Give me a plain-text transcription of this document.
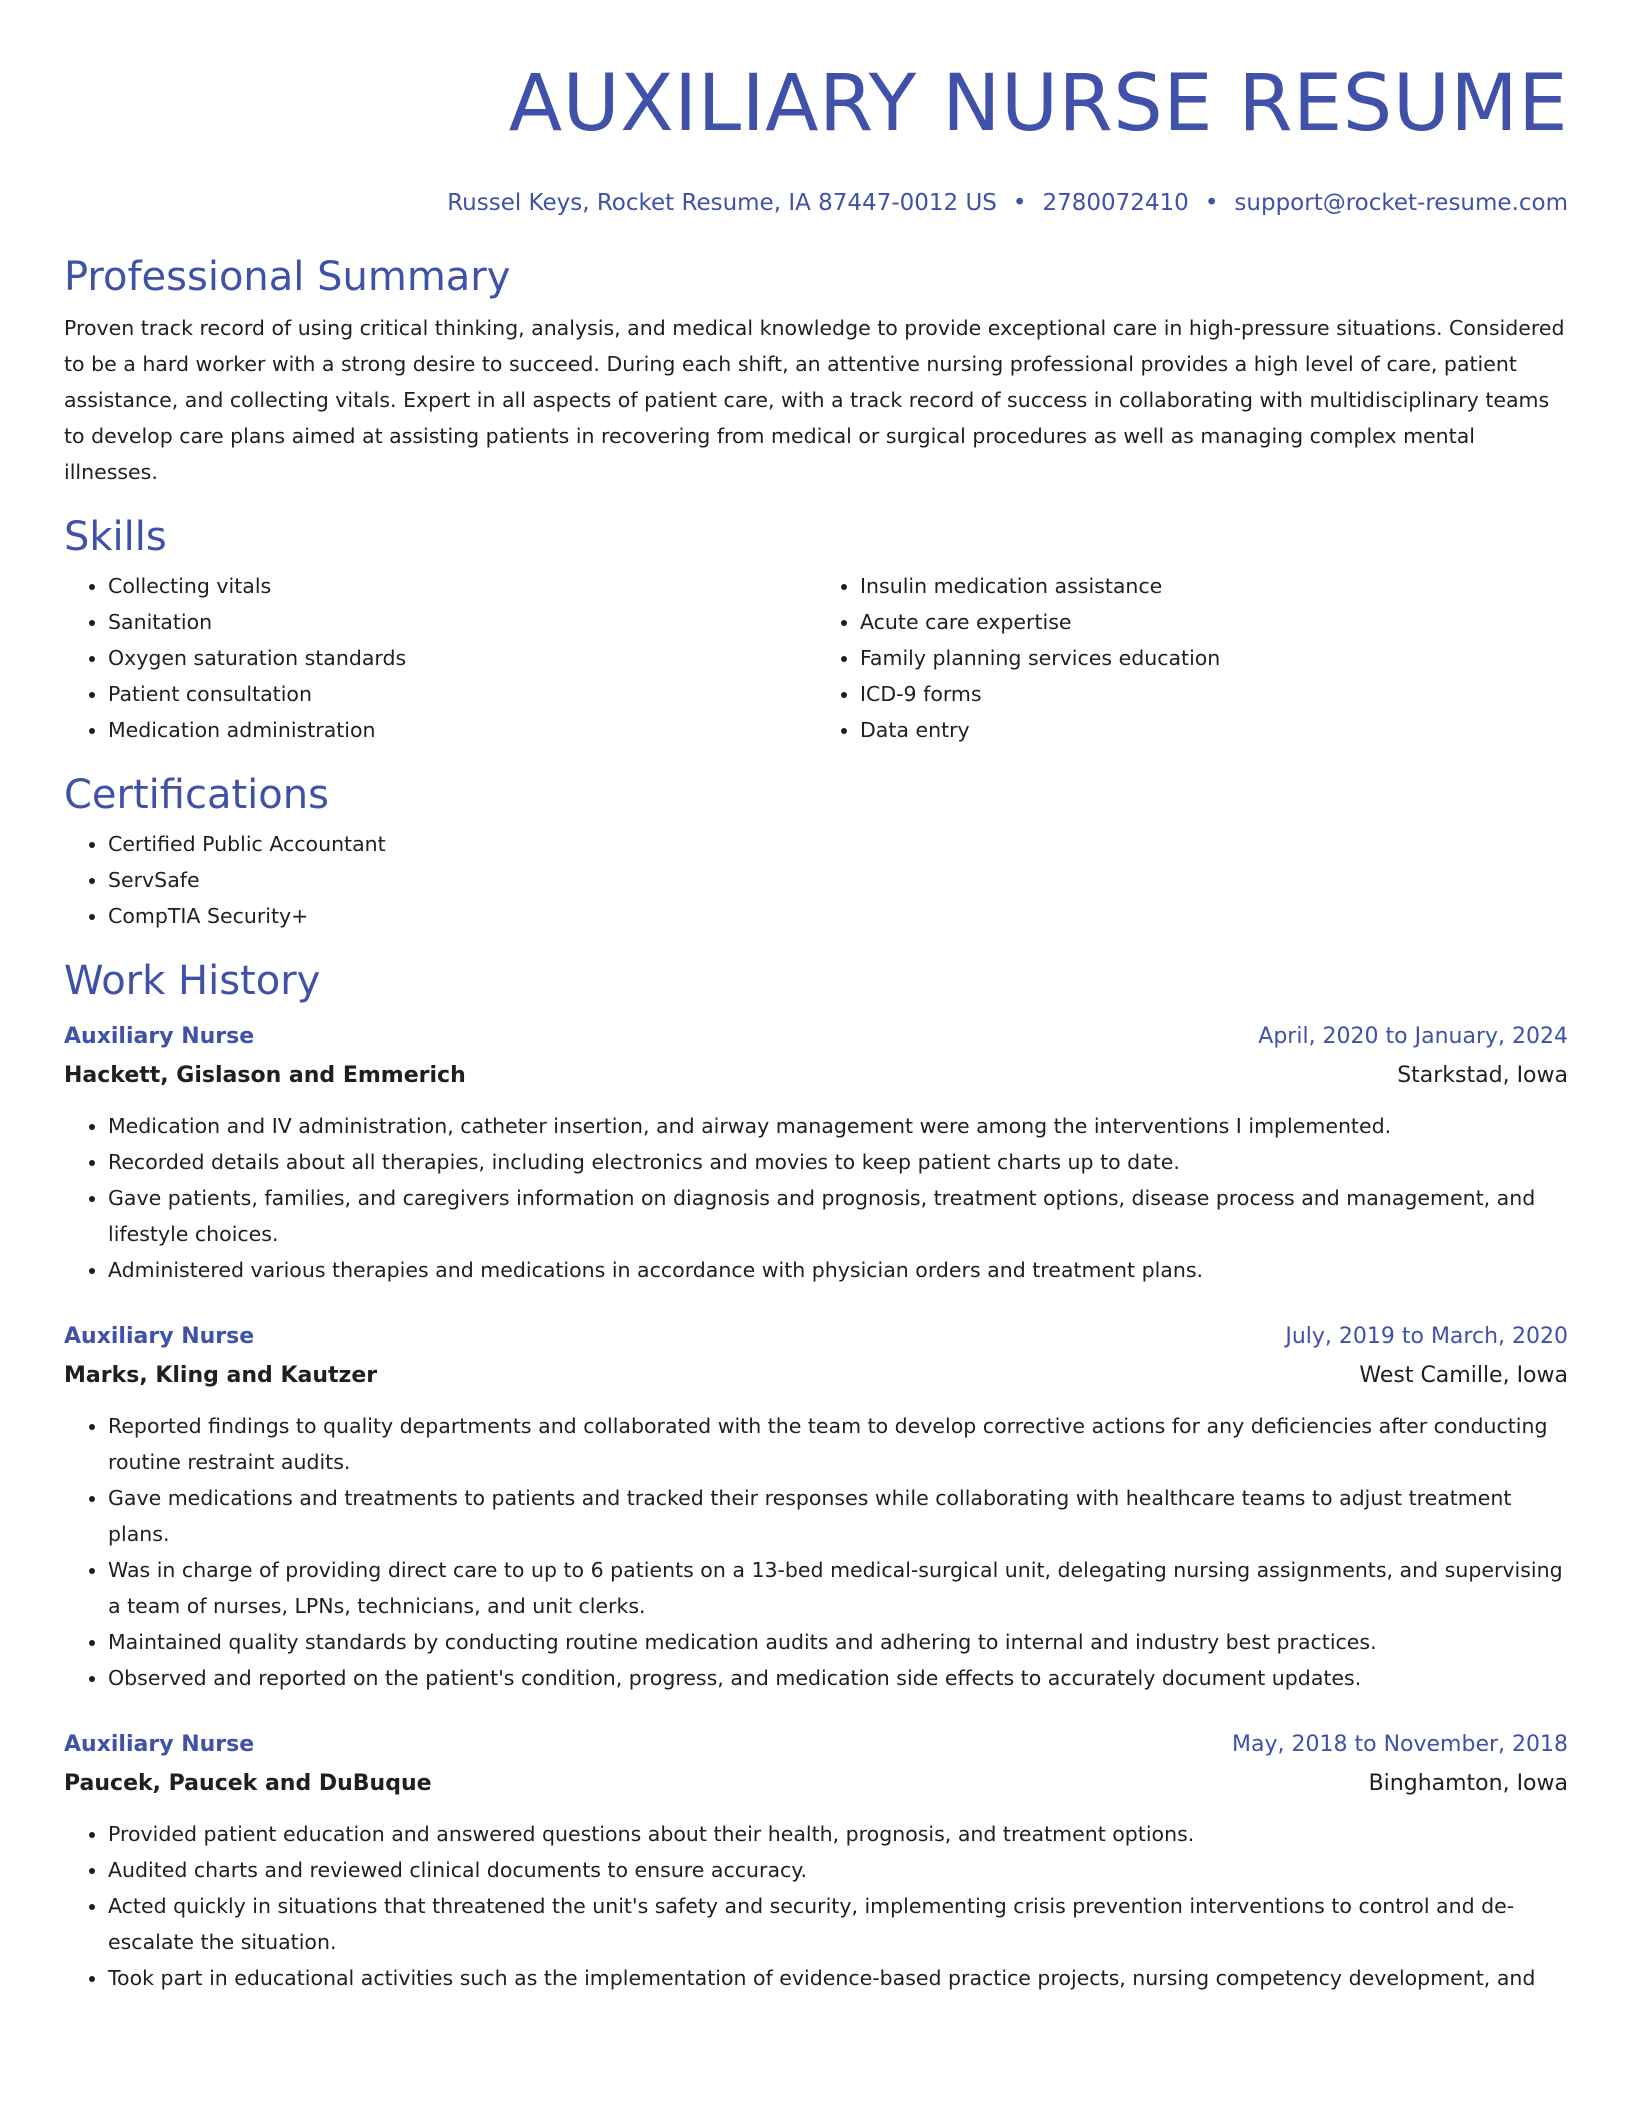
AUXILIARY NURSE RESUME
Russel Keys, Rocket Resume, IA 87447-0012 US • 2780072410 • support@rocket-resume.com
Professional Summary

Proven track record of using critical thinking, analysis, and medical knowledge to provide exceptional care in high-pressure situations. Considered to be a hard worker with a strong desire to succeed. During each shift, an attentive nursing professional provides a high level of care, patient assistance, and collecting vitals. Expert in all aspects of patient care, with a track record of success in collaborating with multidisciplinary teams to develop care plans aimed at assisting patients in recovering from medical or surgical procedures as well as managing complex mental illnesses.

Skills
• Collecting vitals
• Sanitation
• Oxygen saturation standards
• Patient consultation
• Medication administration
• Insulin medication assistance
• Acute care expertise
• Family planning services education
• ICD-9 forms
• Data entry
Certifications
• Certified Public Accountant
• ServSafe
• CompTIA Security+
Work History
Auxiliary Nurse	April, 2020 to January, 2024
Hackett, Gislason and Emmerich	Starkstad, Iowa
• Medication and IV administration, catheter insertion, and airway management were among the interventions I implemented.
• Recorded details about all therapies, including electronics and movies to keep patient charts up to date.
• Gave patients, families, and caregivers information on diagnosis and prognosis, treatment options, disease process and management, and lifestyle choices.
• Administered various therapies and medications in accordance with physician orders and treatment plans.
Auxiliary Nurse	July, 2019 to March, 2020
Marks, Kling and Kautzer	West Camille, Iowa
• Reported findings to quality departments and collaborated with the team to develop corrective actions for any deficiencies after conducting routine restraint audits.
• Gave medications and treatments to patients and tracked their responses while collaborating with healthcare teams to adjust treatment plans.
• Was in charge of providing direct care to up to 6 patients on a 13-bed medical-surgical unit, delegating nursing assignments, and supervising a team of nurses, LPNs, technicians, and unit clerks.
• Maintained quality standards by conducting routine medication audits and adhering to internal and industry best practices.
• Observed and reported on the patient's condition, progress, and medication side effects to accurately document updates.
Auxiliary Nurse	May, 2018 to November, 2018
Paucek, Paucek and DuBuque	Binghamton, Iowa
• Provided patient education and answered questions about their health, prognosis, and treatment options.
• Audited charts and reviewed clinical documents to ensure accuracy.
• Acted quickly in situations that threatened the unit's safety and security, implementing crisis prevention interventions to control and de-escalate the situation.
• Took part in educational activities such as the implementation of evidence-based practice projects, nursing competency development, and
